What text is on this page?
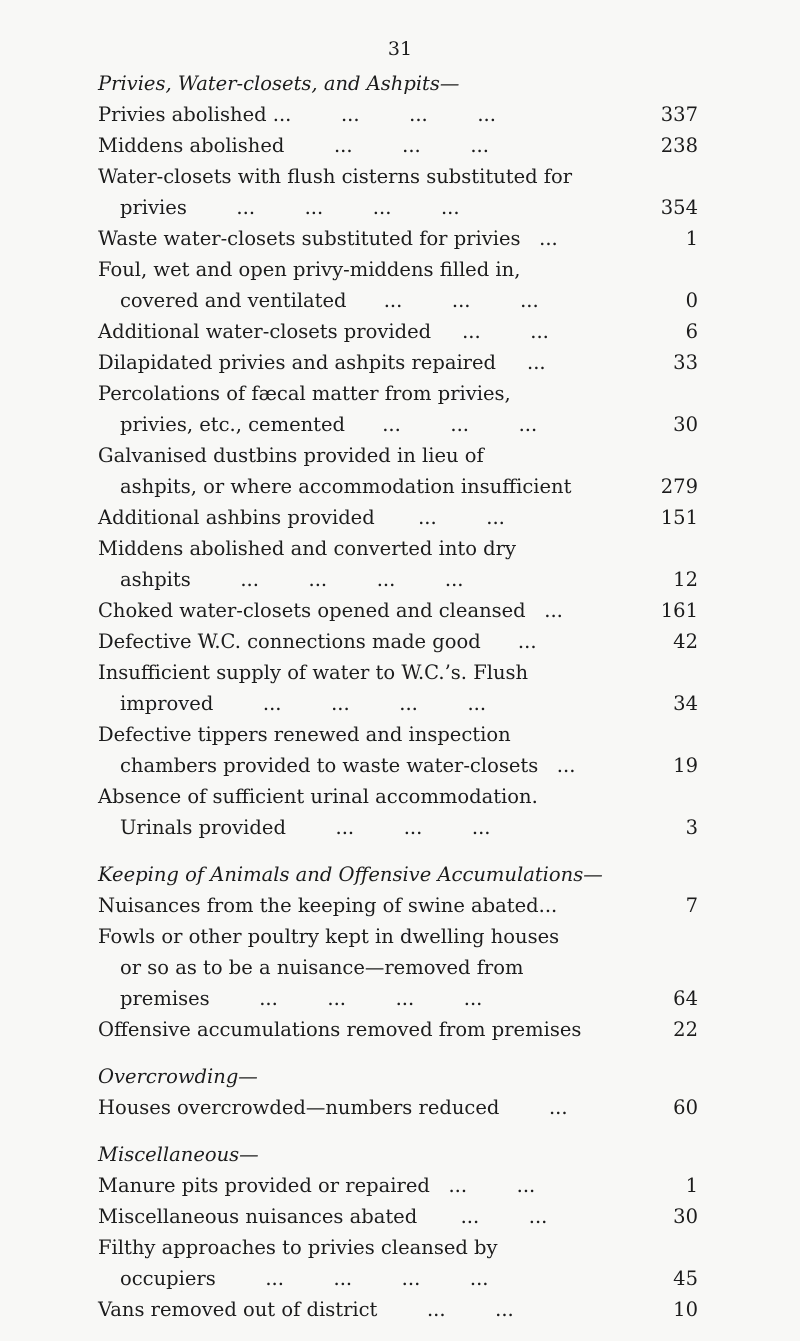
31
Privies, Water-closets, and Ashpits—
Privies abolished ...        ...        ...        ...	337
Middens abolished        ...        ...        ...	238
Water-closets with flush cisterns substituted for
privies        ...        ...        ...        ...	354
Waste water-closets substituted for privies   ...	1
Foul, wet and open privy-middens filled in,
covered and ventilated      ...        ...        ...	0
Additional water-closets provided     ...        ...	6
Dilapidated privies and ashpits repaired     ...	33
Percolations of fæcal matter from privies,
privies, etc., cemented      ...        ...        ...	30
Galvanised dustbins provided in lieu of
ashpits, or where accommodation insufficient	279
Additional ashbins provided       ...        ...	151
Middens abolished and converted into dry
ashpits        ...        ...        ...        ...	12
Choked water-closets opened and cleansed   ...	161
Defective W.C. connections made good      ...	42
Insufficient supply of water to W.C.’s. Flush
improved        ...        ...        ...        ...	34
Defective tippers renewed and inspection
chambers provided to waste water-closets   ...	19
Absence of sufficient urinal accommodation.
Urinals provided        ...        ...        ...	3
Keeping of Animals and Offensive Accumulations—
Nuisances from the keeping of swine abated...	7
Fowls or other poultry kept in dwelling houses
or so as to be a nuisance—removed from
premises        ...        ...        ...        ...	64
Offensive accumulations removed from premises	22
Overcrowding—
Houses overcrowded—numbers reduced        ...	60
Miscellaneous—
Manure pits provided or repaired   ...        ...	1
Miscellaneous nuisances abated       ...        ...	30
Filthy approaches to privies cleansed by
occupiers        ...        ...        ...        ...	45
Vans removed out of district        ...        ...	10
